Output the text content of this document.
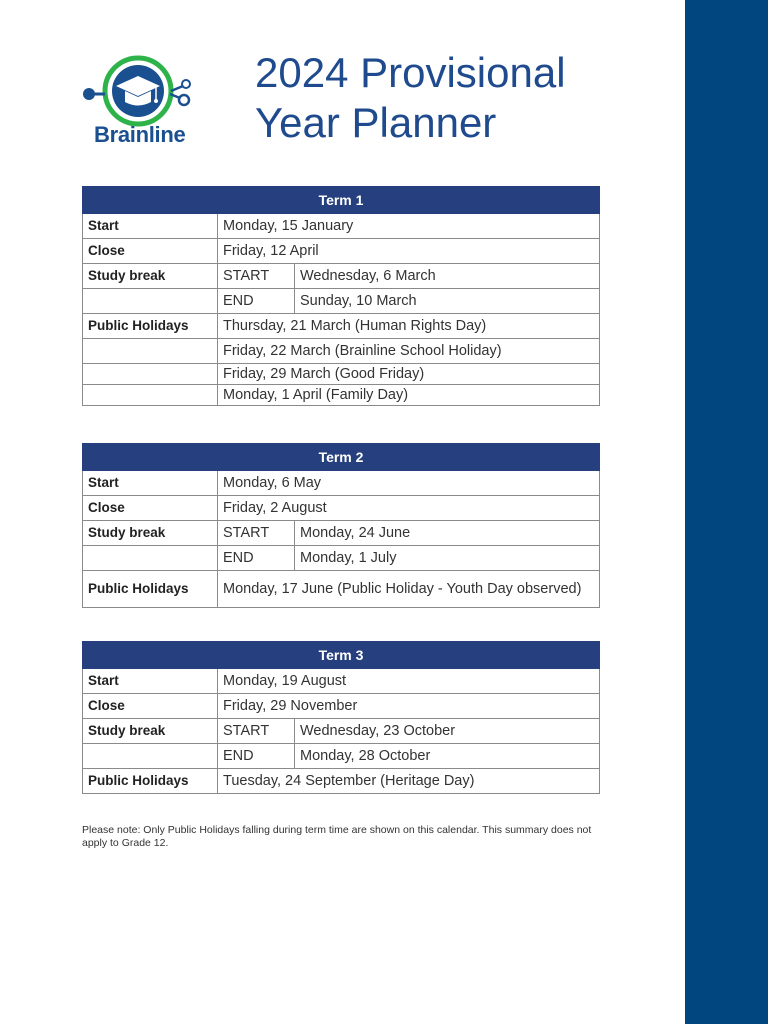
Brainline
2024 Provisional
Year Planner
Term 1		
Start	Monday, 15 January	
Close	Friday, 12 April	
Study break	START	Wednesday, 6 March
	END	Sunday, 10 March
Public Holidays	Thursday, 21 March (Human Rights Day)	
	Friday, 22 March (Brainline School Holiday)	
	Friday, 29 March (Good Friday)	
	Monday, 1 April (Family Day)	
Term 2		
Start	Monday, 6 May	
Close	Friday, 2 August	
Study break	START	Monday, 24 June
	END	Monday, 1 July
Public Holidays	Monday, 17 June (Public Holiday - Youth Day observed)	
Term 3		
Start	Monday, 19 August	
Close	Friday, 29 November	
Study break	START	Wednesday, 23 October
	END	Monday, 28 October
Public Holidays	Tuesday, 24 September (Heritage Day)	
Please note: Only Public Holidays falling during term time are shown on this calendar. This summary does not apply to Grade 12.
